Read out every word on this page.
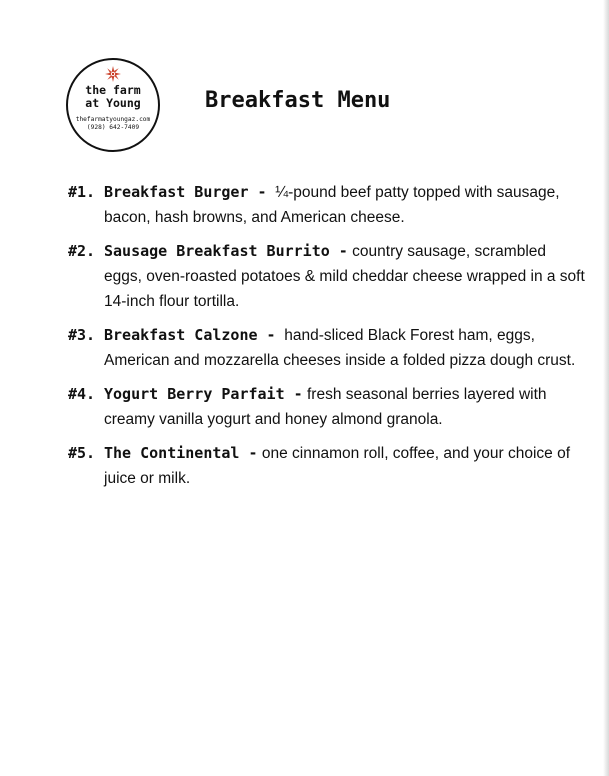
the farm
at Young
thefarmatyoungaz.com
(928) 642-7409
Breakfast Menu
#1. Breakfast Burger - ¼-pound beef patty topped with sausage, bacon, hash browns, and American cheese.
#2. Sausage Breakfast Burrito - country sausage, scrambled eggs, oven-roasted potatoes & mild cheddar cheese wrapped in a soft 14-inch flour tortilla.
#3. Breakfast Calzone - hand-sliced Black Forest ham, eggs, American and mozzarella cheeses inside a folded pizza dough crust.
#4. Yogurt Berry Parfait - fresh seasonal berries layered with creamy vanilla yogurt and honey almond granola.
#5. The Continental - one cinnamon roll, coffee, and your choice of juice or milk.
